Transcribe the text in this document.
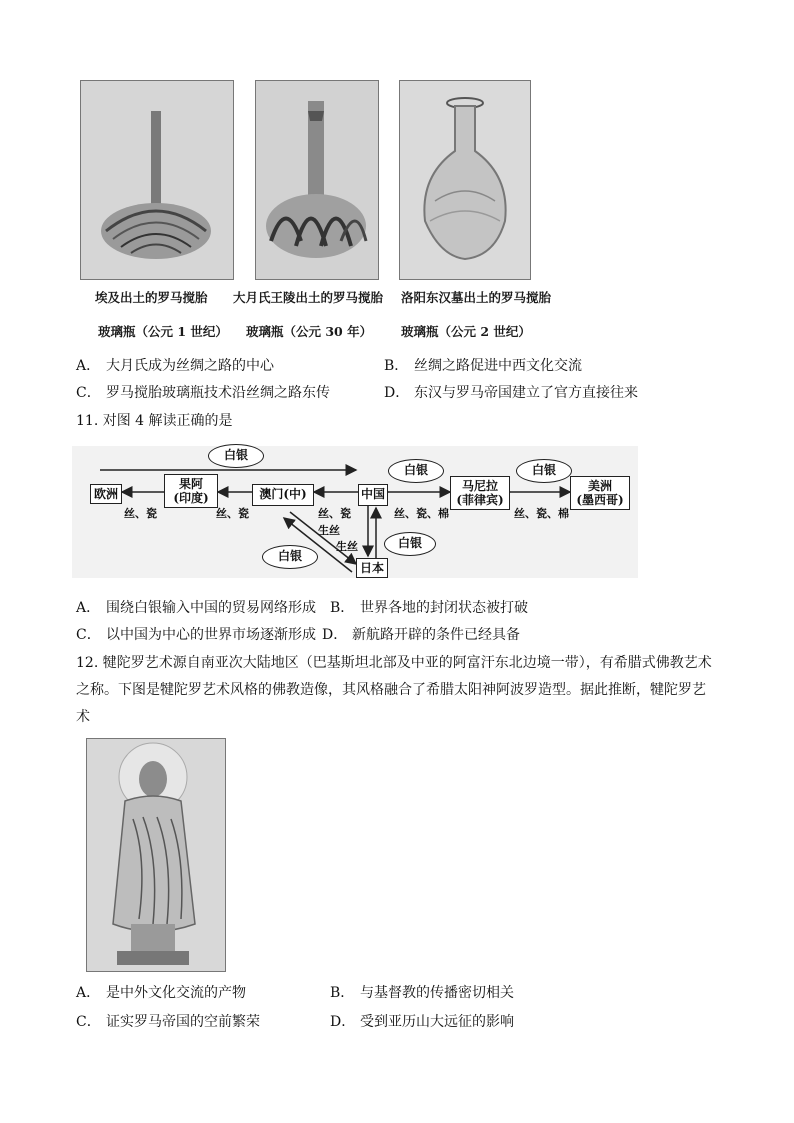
埃及出土的罗马搅胎 大月氏王陵出土的罗马搅胎 洛阳东汉墓出土的罗马搅胎
玻璃瓶（公元 1 世纪） 玻璃瓶（公元 30 年） 玻璃瓶（公元 2 世纪）
A． 大月氏成为丝绸之路的中心	B． 丝绸之路促进中西文化交流
C． 罗马搅胎玻璃瓶技术沿丝绸之路东传	D． 东汉与罗马帝国建立了官方直接往来
11. 对图 4 解读正确的是
白银
白银	白银
白银
白银
欧洲
果阿
(印度)	澳门(中)	中国
马尼拉
(菲律宾)
美洲
(墨西哥)
日本
丝、瓷	丝、瓷	丝、瓷	丝、瓷、棉	丝、瓷、棉
生丝
生丝
A． 围绕白银输入中国的贸易网络形成 B． 世界各地的封闭状态被打破
C． 以中国为中心的世界市场逐渐形成 D． 新航路开辟的条件已经具备
12. 犍陀罗艺术源自南亚次大陆地区（巴基斯坦北部及中亚的阿富汗东北边境一带），有希腊式佛教艺术
之称。下图是犍陀罗艺术风格的佛教造像，其风格融合了希腊太阳神阿波罗造型。据此推断，犍陀罗艺
术
A． 是中外文化交流的产物	B． 与基督教的传播密切相关
C． 证实罗马帝国的空前繁荣	D． 受到亚历山大远征的影响
